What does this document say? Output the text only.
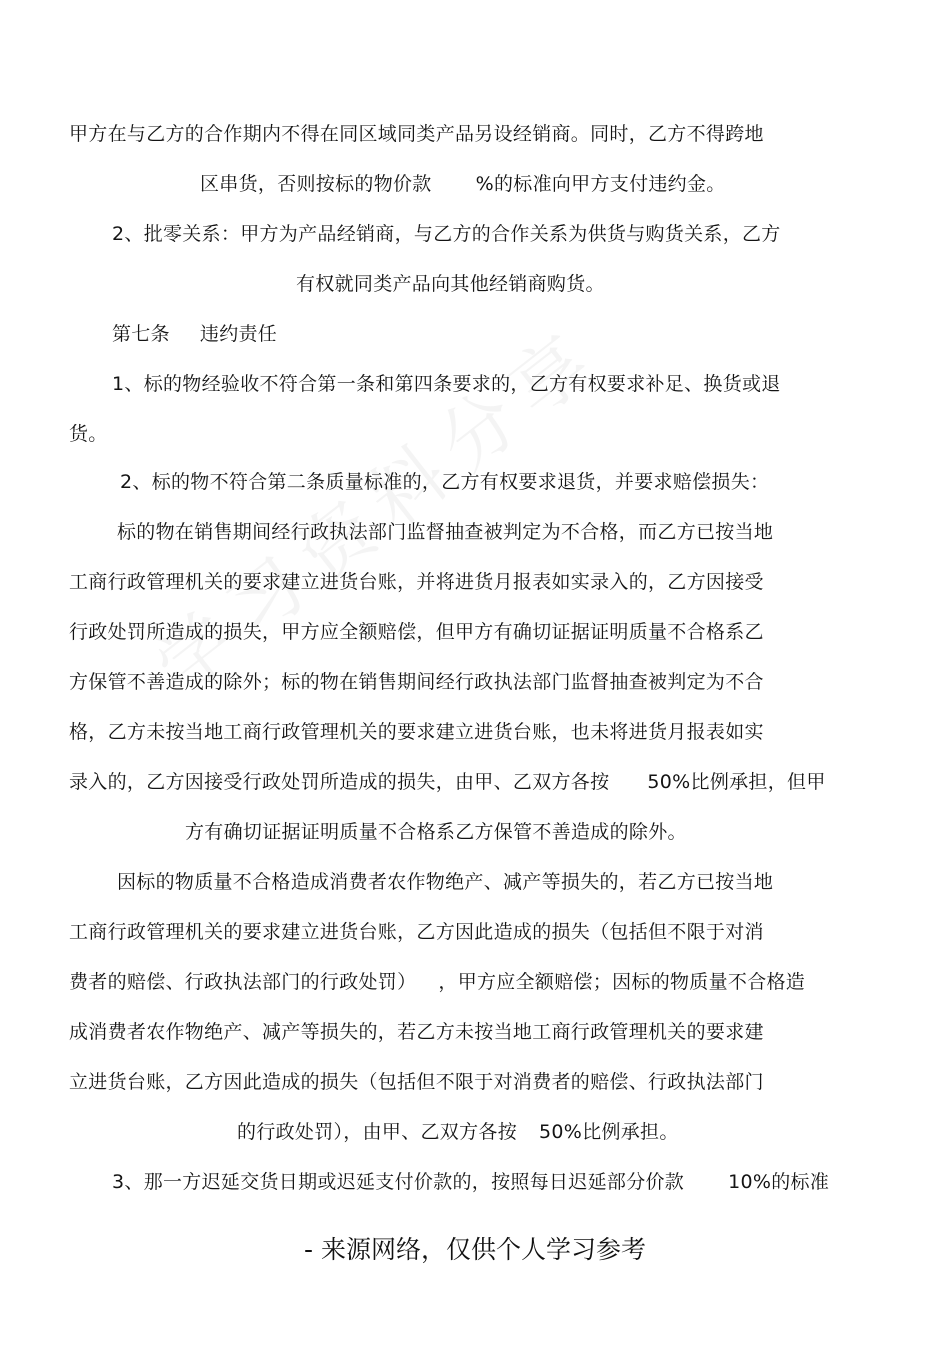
甲方在与乙方的合作期内不得在同区域同类产品另设经销商。同时，乙方不得跨地
区串货，否则按标的物价款 %的标准向甲方支付违约金。
2、批零关系：甲方为产品经销商，与乙方的合作关系为供货与购货关系，乙方
有权就同类产品向其他经销商购货。
第七条 违约责任
1、标的物经验收不符合第一条和第四条要求的，乙方有权要求补足、换货或退
货。
2、标的物不符合第二条质量标准的，乙方有权要求退货，并要求赔偿损失：
标的物在销售期间经行政执法部门监督抽查被判定为不合格，而乙方已按当地
工商行政管理机关的要求建立进货台账，并将进货月报表如实录入的，乙方因接受
行政处罚所造成的损失，甲方应全额赔偿，但甲方有确切证据证明质量不合格系乙
方保管不善造成的除外；标的物在销售期间经行政执法部门监督抽查被判定为不合
格，乙方未按当地工商行政管理机关的要求建立进货台账，也未将进货月报表如实
录入的，乙方因接受行政处罚所造成的损失，由甲、乙双方各按 50%比例承担，但甲
方有确切证据证明质量不合格系乙方保管不善造成的除外。
因标的物质量不合格造成消费者农作物绝产、减产等损失的，若乙方已按当地
工商行政管理机关的要求建立进货台账，乙方因此造成的损失（包括但不限于对消
费者的赔偿、行政执法部门的行政处罚） ，甲方应全额赔偿；因标的物质量不合格造
成消费者农作物绝产、减产等损失的，若乙方未按当地工商行政管理机关的要求建
立进货台账，乙方因此造成的损失（包括但不限于对消费者的赔偿、行政执法部门
的行政处罚），由甲、乙双方各按 50%比例承担。
3、那一方迟延交货日期或迟延支付价款的，按照每日迟延部分价款 10%的标准
- 来源网络，仅供个人学习参考
